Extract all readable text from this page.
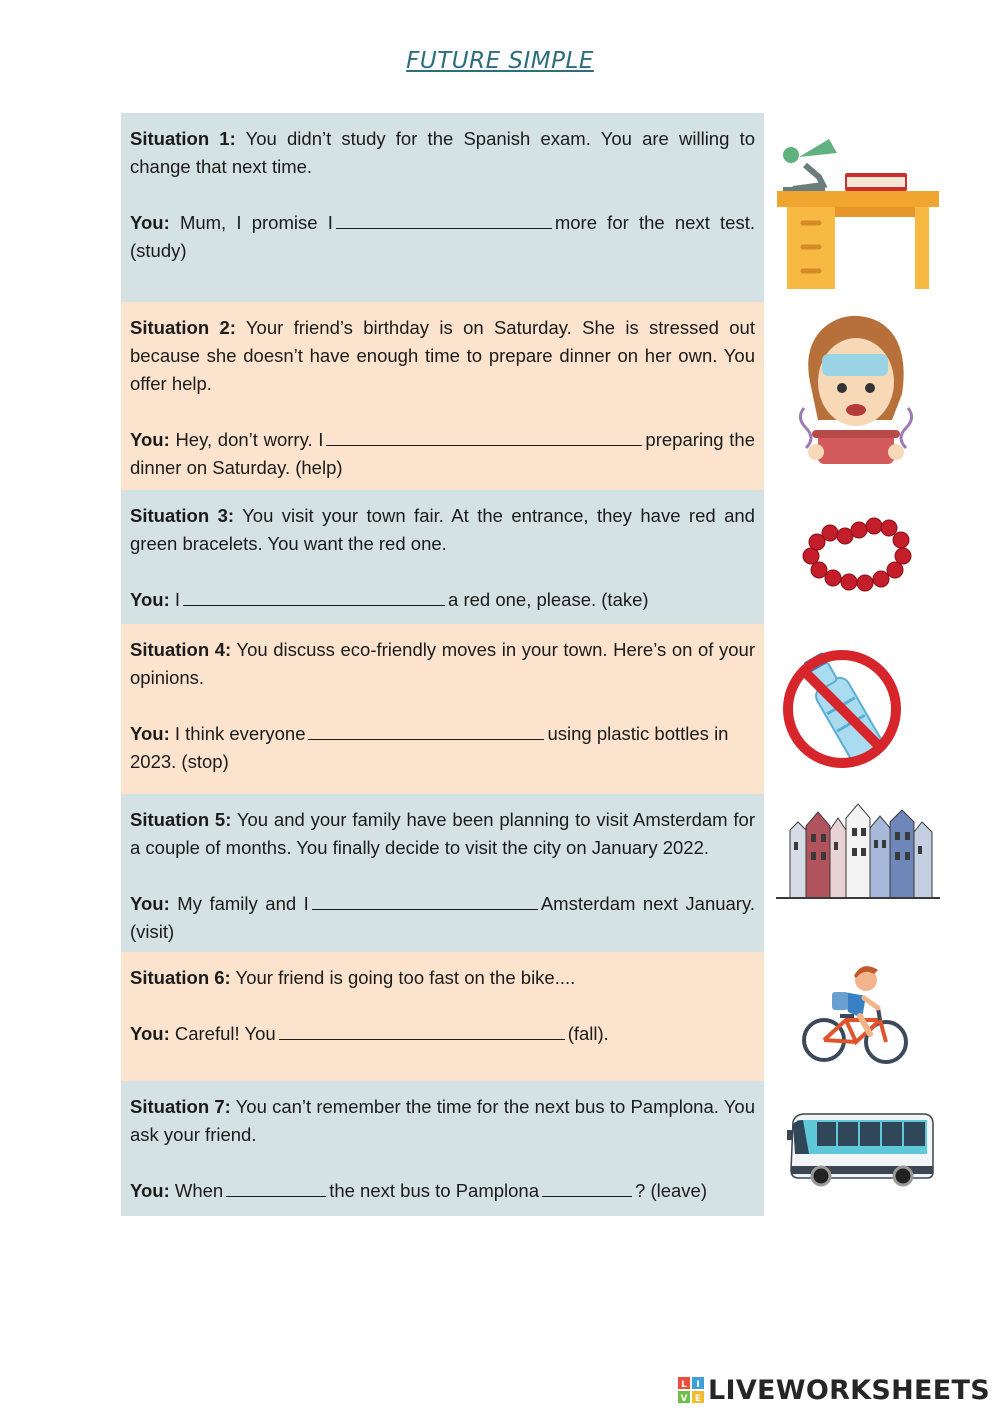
FUTURE SIMPLE

Situation 1: You didn’t study for the Spanish exam. You are willing to change that next time.

You: Mum, I promise I	more for the next test. (study)

Situation 2: Your friend’s birthday is on Saturday. She is stressed out because she doesn’t have enough time to prepare dinner on her own. You offer help.

You: Hey, don’t worry. I	preparing the dinner on Saturday. (help)

Situation 3: You visit your town fair. At the entrance, they have red and green bracelets. You want the red one.

You: I	a red one, please. (take)

Situation 4: You discuss eco-friendly moves in your town. Here’s on of your opinions.

You: I think everyone	using plastic bottles in 2023. (stop)

Situation 5: You and your family have been planning to visit Amsterdam for a couple of months. You finally decide to visit the city on January 2022.

You: My family and I	Amsterdam next January. (visit)

Situation 6: Your friend is going too fast on the bike....

You: Careful! You	(fall).

Situation 7: You can’t remember the time for the next bus to Pamplona. You ask your friend.

You: When	the next bus to Pamplona	? (leave)

L I
V E LIVEWORKSHEETS
